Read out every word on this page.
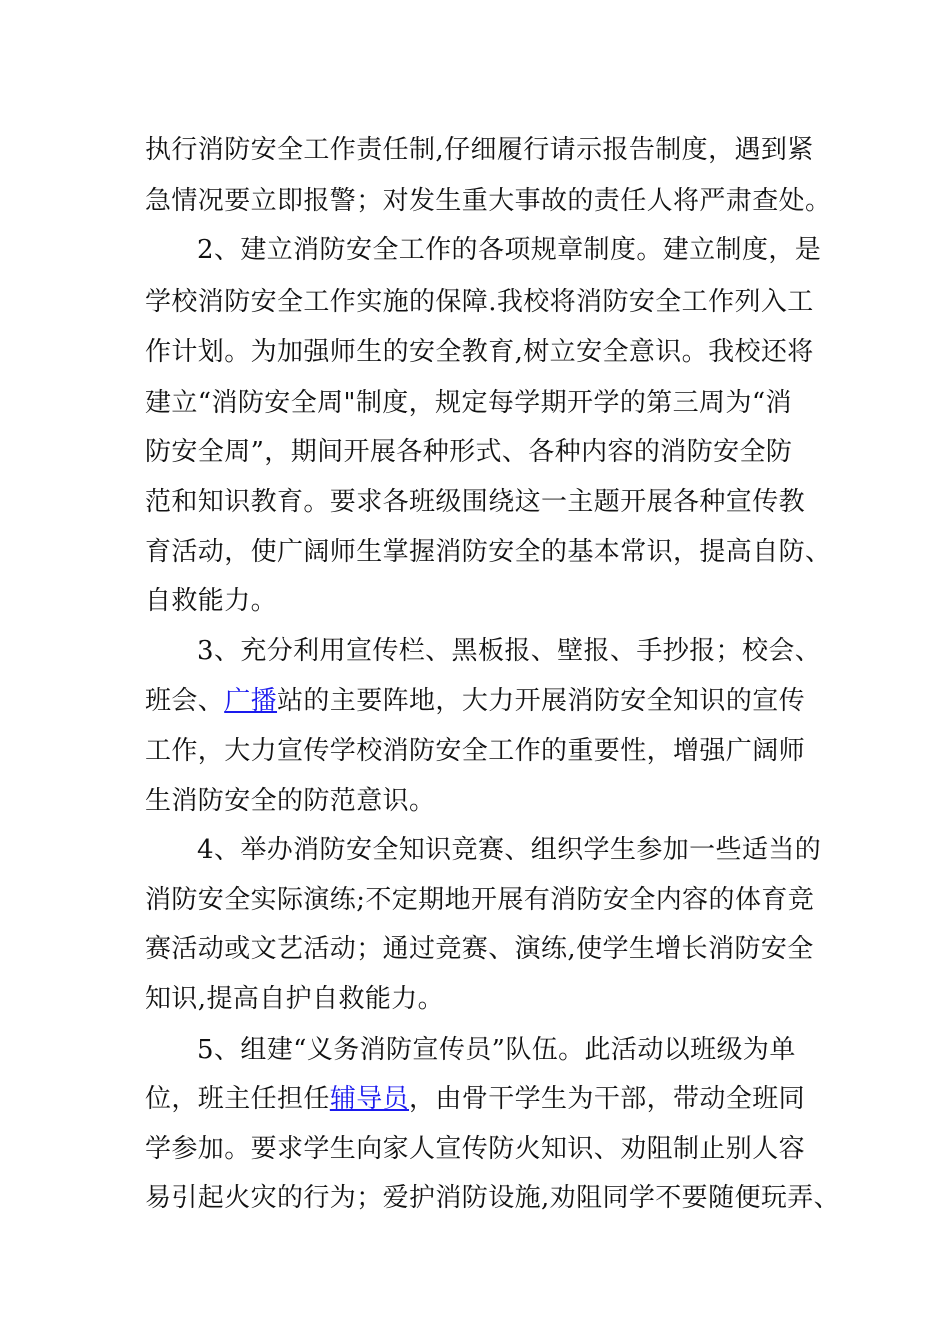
执行消防安全工作责任制,仔细履行请示报告制度，遇到紧
急情况要立即报警；对发生重大事故的责任人将严肃查处。
2、建立消防安全工作的各项规章制度。建立制度，是
学校消防安全工作实施的保障.我校将消防安全工作列入工
作计划。为加强师生的安全教育,树立安全意识。我校还将
建立“消防安全周"制度，规定每学期开学的第三周为“消
防安全周”，期间开展各种形式、各种内容的消防安全防
范和知识教育。要求各班级围绕这一主题开展各种宣传教
育活动，使广阔师生掌握消防安全的基本常识，提高自防、
自救能力。
3、充分利用宣传栏、黑板报、壁报、手抄报；校会、
班会、广播站的主要阵地，大力开展消防安全知识的宣传
工作，大力宣传学校消防安全工作的重要性，增强广阔师
生消防安全的防范意识。
4、举办消防安全知识竞赛、组织学生参加一些适当的
消防安全实际演练;不定期地开展有消防安全内容的体育竞
赛活动或文艺活动；通过竞赛、演练,使学生增长消防安全
知识,提高自护自救能力。
5、组建“义务消防宣传员”队伍。此活动以班级为单
位，班主任担任辅导员，由骨干学生为干部，带动全班同
学参加。要求学生向家人宣传防火知识、劝阻制止别人容
易引起火灾的行为；爱护消防设施,劝阻同学不要随便玩弄、
